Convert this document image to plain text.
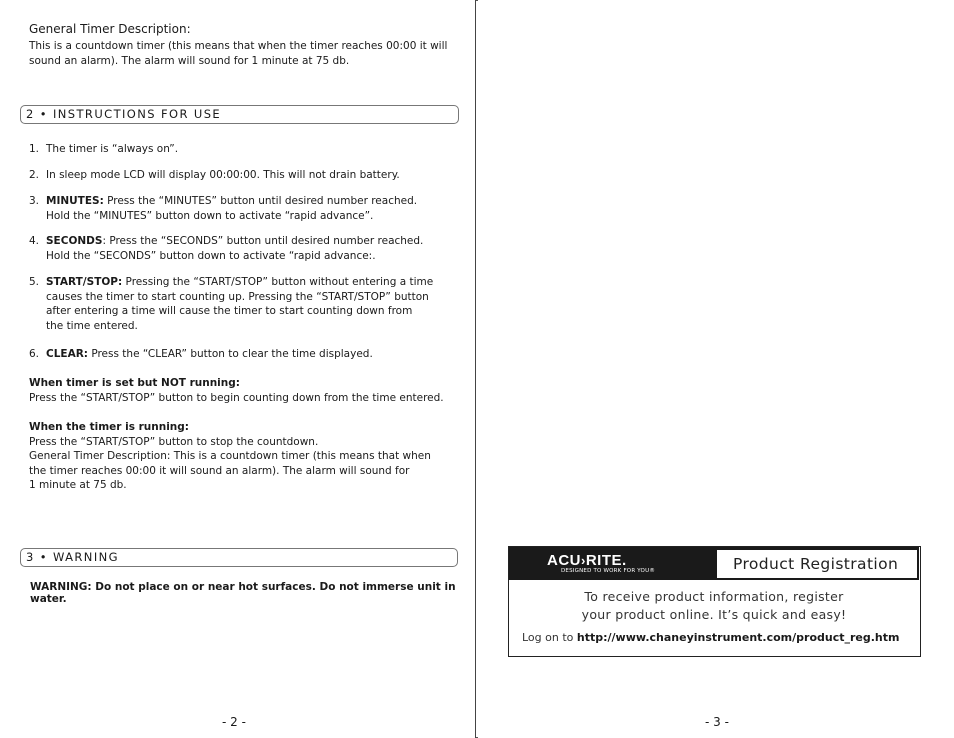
General Timer Description:
This is a countdown timer (this means that when the timer reaches 00:00 it will
sound an alarm). The alarm will sound for 1 minute at 75 db.
2 • INSTRUCTIONS FOR USE
1. The timer is “always on”.
2. In sleep mode LCD will display 00:00:00. This will not drain battery.
3. MINUTES: Press the “MINUTES” button until desired number reached.
Hold the “MINUTES” button down to activate “rapid advance”.
4. SECONDS: Press the “SECONDS” button until desired number reached.
Hold the “SECONDS” button down to activate “rapid advance:.
5. START/STOP: Pressing the “START/STOP” button without entering a time
causes the timer to start counting up. Pressing the “START/STOP” button
after entering a time will cause the timer to start counting down from
the time entered.
6. CLEAR: Press the “CLEAR” button to clear the time displayed.
When timer is set but NOT running:
Press the “START/STOP” button to begin counting down from the time entered.
When the timer is running:
Press the “START/STOP” button to stop the countdown.
General Timer Description: This is a countdown timer (this means that when
the timer reaches 00:00 it will sound an alarm). The alarm will sound for
1 minute at 75 db.
3 • WARNING
WARNING: Do not place on or near hot surfaces. Do not immerse unit in water.
- 2 -
ACU›RITE.
DESIGNED TO WORK FOR YOU®	Product Registration
To receive product information, register
your product online. It’s quick and easy!
Log on to http://www.chaneyinstrument.com/product_reg.htm
- 3 -
